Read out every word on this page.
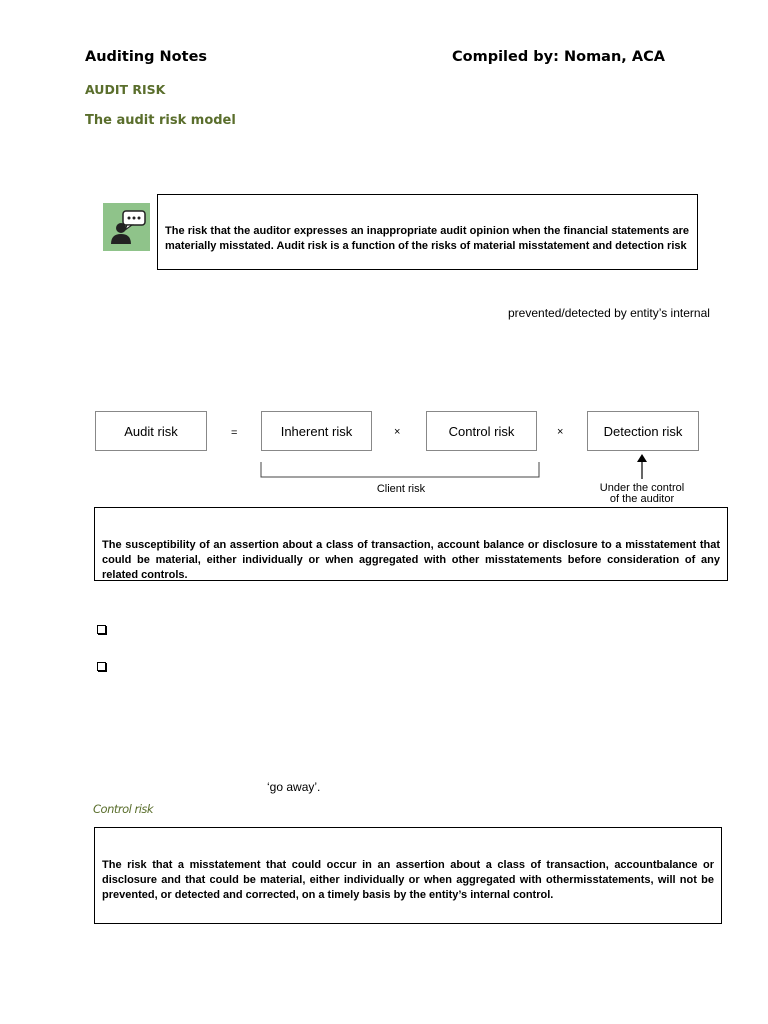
Auditing Notes	Compiled by: Noman, ACA
AUDIT RISK
The audit risk model
The risk that the auditor expresses an inappropriate audit opinion when the financial statements are materially misstated. Audit risk is a function of the risks of material misstatement and detection risk
prevented/detected by entity’s internal
Audit risk	=	Inherent risk	×	Control risk	×	Detection risk
Client risk	Under the control
of the auditor
The susceptibility of an assertion about a class of transaction, account balance or disclosure to a misstatement that could be material, either individually or when aggregated with other misstatements before consideration of any related controls.
‘go away’.
Control risk
The risk that a misstatement that could occur in an assertion about a class of transaction, accountbalance or disclosure and that could be material, either individually or when aggregated with othermisstatements, will not be prevented, or detected and corrected, on a timely basis by the entity’s internal control.
